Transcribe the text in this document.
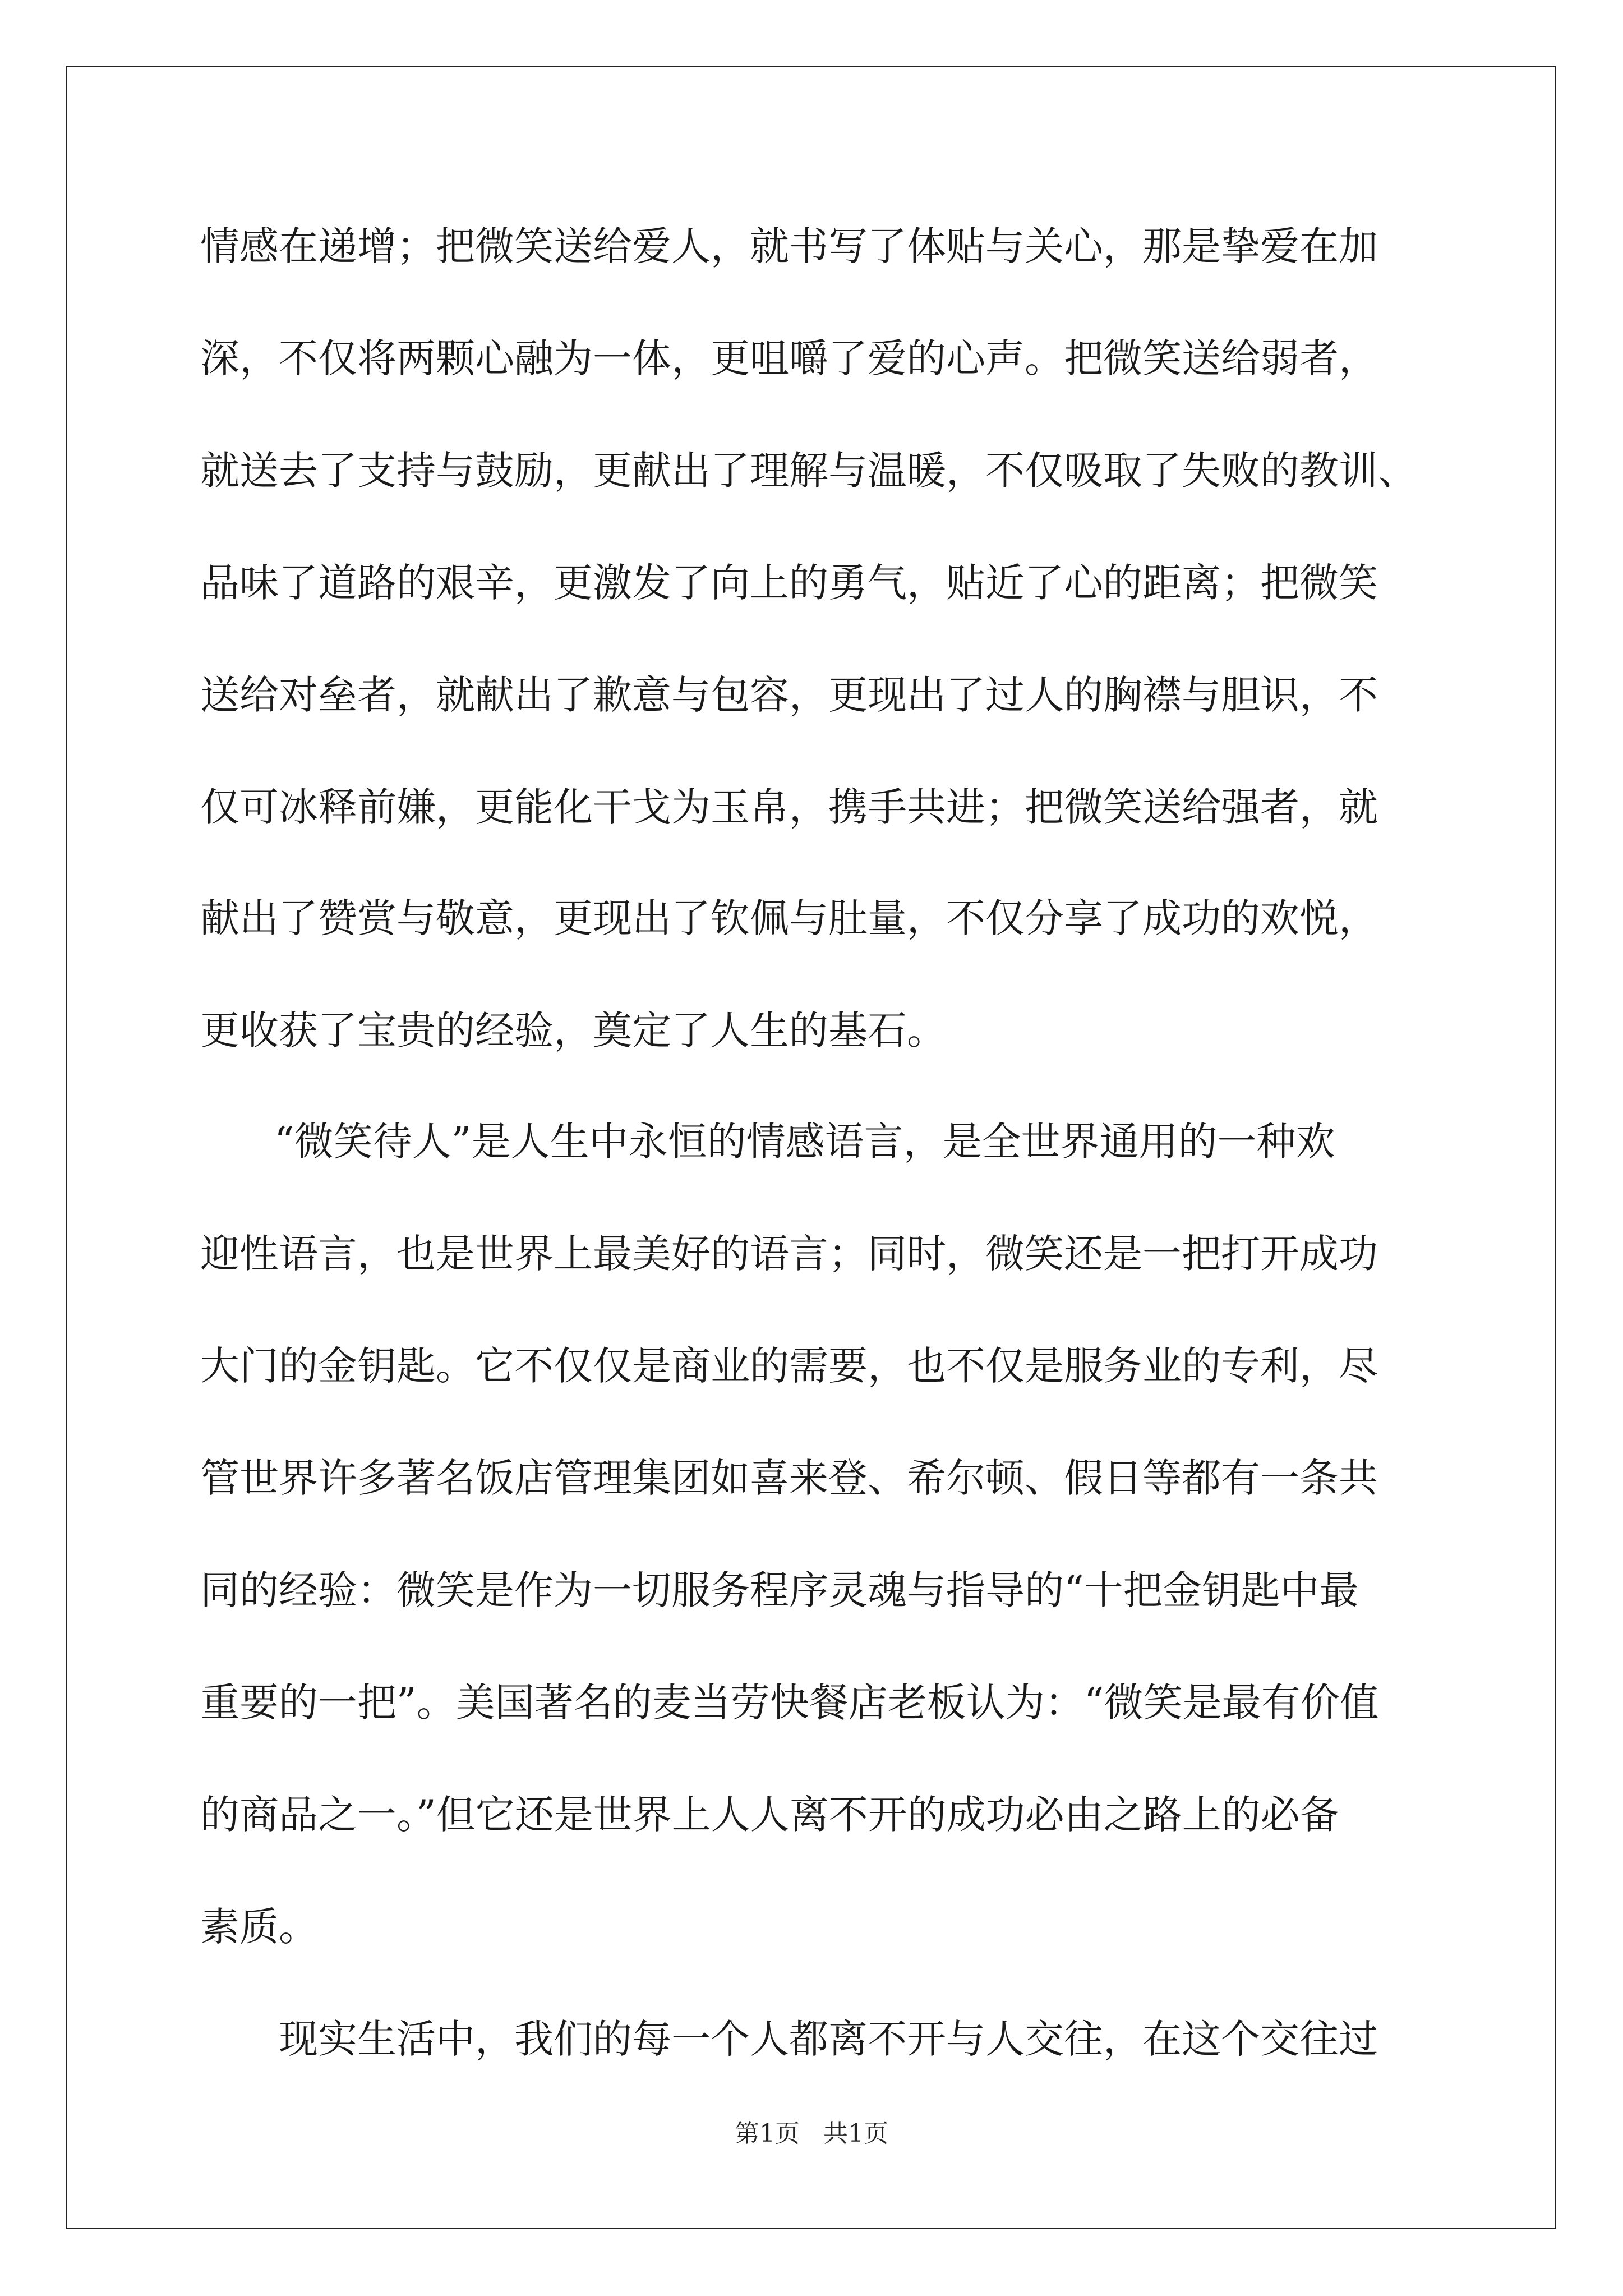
情感在递增；把微笑送给爱人，就书写了体贴与关心，那是挚爱在加
深，不仅将两颗心融为一体，更咀嚼了爱的心声。把微笑送给弱者，
就送去了支持与鼓励，更献出了理解与温暖，不仅吸取了失败的教训、
品味了道路的艰辛，更激发了向上的勇气，贴近了心的距离；把微笑
送给对垒者，就献出了歉意与包容，更现出了过人的胸襟与胆识，不
仅可冰释前嫌，更能化干戈为玉帛，携手共进；把微笑送给强者，就
献出了赞赏与敬意，更现出了钦佩与肚量，不仅分享了成功的欢悦，
更收获了宝贵的经验，奠定了人生的基石。
“微笑待人”是人生中永恒的情感语言，是全世界通用的一种欢
迎性语言，也是世界上最美好的语言；同时，微笑还是一把打开成功
大门的金钥匙。它不仅仅是商业的需要，也不仅是服务业的专利，尽
管世界许多著名饭店管理集团如喜来登、希尔顿、假日等都有一条共
同的经验：微笑是作为一切服务程序灵魂与指导的“十把金钥匙中最
重要的一把”。美国著名的麦当劳快餐店老板认为：“微笑是最有价值
的商品之一。”但它还是世界上人人离不开的成功必由之路上的必备
素质。
现实生活中，我们的每一个人都离不开与人交往，在这个交往过
第1页 共1页
